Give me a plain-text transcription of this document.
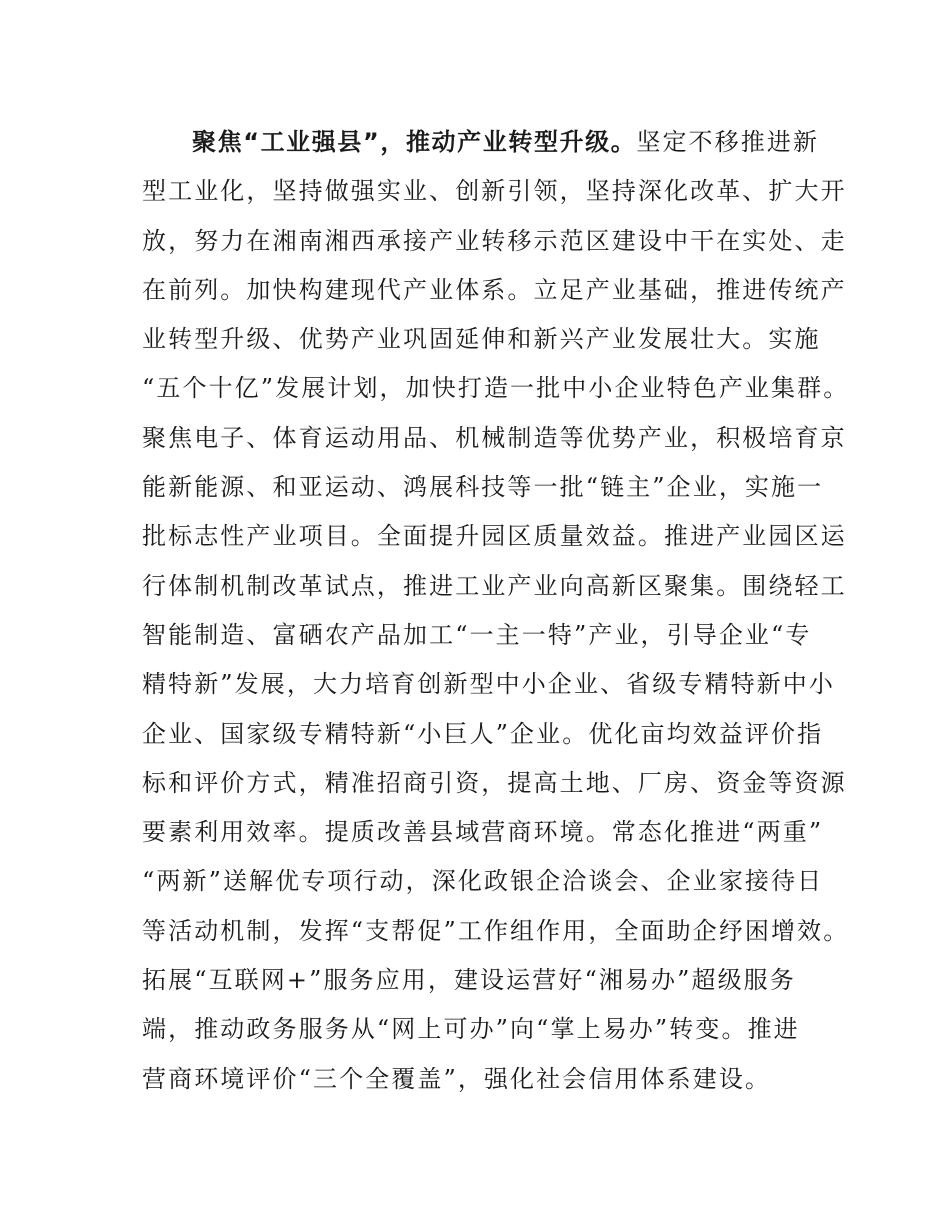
聚焦“工业强县”，推动产业转型升级。坚定不移推进新
型工业化，坚持做强实业、创新引领，坚持深化改革、扩大开
放，努力在湘南湘西承接产业转移示范区建设中干在实处、走
在前列。加快构建现代产业体系。立足产业基础，推进传统产
业转型升级、优势产业巩固延伸和新兴产业发展壮大。实施
“五个十亿”发展计划，加快打造一批中小企业特色产业集群。
聚焦电子、体育运动用品、机械制造等优势产业，积极培育京
能新能源、和亚运动、鸿展科技等一批“链主”企业，实施一
批标志性产业项目。全面提升园区质量效益。推进产业园区运
行体制机制改革试点，推进工业产业向高新区聚集。围绕轻工
智能制造、富硒农产品加工“一主一特”产业，引导企业“专
精特新”发展，大力培育创新型中小企业、省级专精特新中小
企业、国家级专精特新“小巨人”企业。优化亩均效益评价指
标和评价方式，精准招商引资，提高土地、厂房、资金等资源
要素利用效率。提质改善县域营商环境。常态化推进“两重”
“两新”送解优专项行动，深化政银企洽谈会、企业家接待日
等活动机制，发挥“支帮促”工作组作用，全面助企纾困增效。
拓展“互联网+”服务应用，建设运营好“湘易办”超级服务
端，推动政务服务从“网上可办”向“掌上易办”转变。推进
营商环境评价“三个全覆盖”，强化社会信用体系建设。
